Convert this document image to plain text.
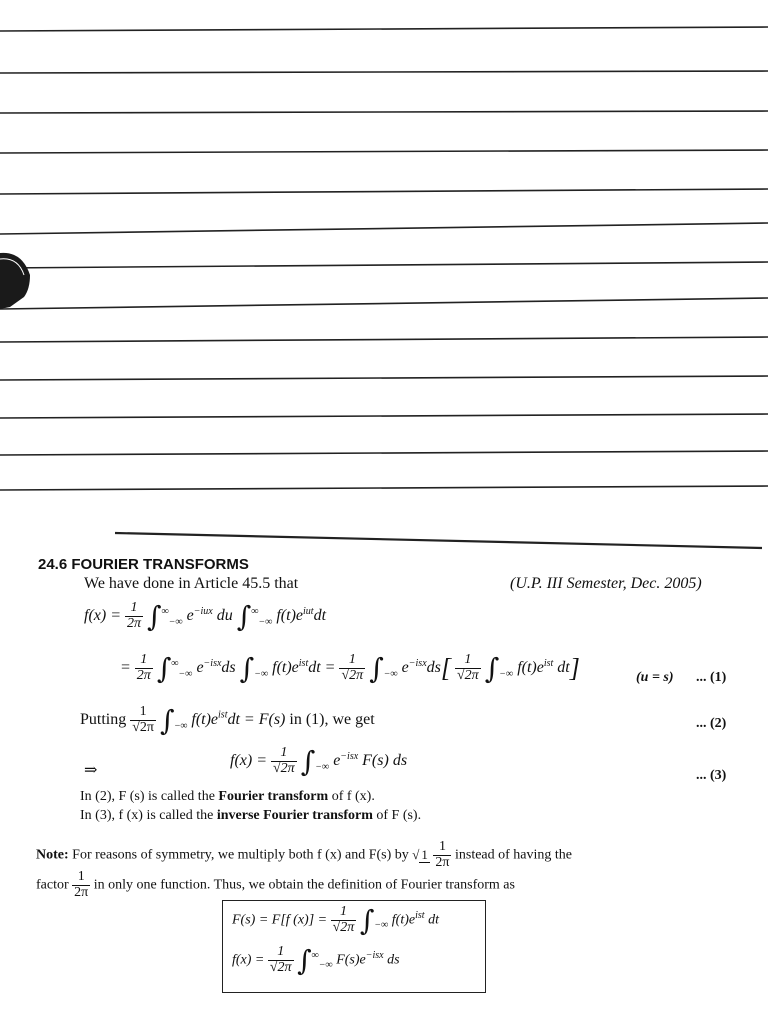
24.6 FOURIER TRANSFORMS
We have done in Article 45.5 that	(U.P. III Semester, Dec. 2005)
$f(x) = \frac{1}{2\pi} \int^\infty_{-\infty}$ $e^{-iux}$ du $\int^\infty_{-\infty}$ $f(t)e^{iut}dt$
= $\frac{1}{2\pi} \int^\infty_{-\infty}$ $e^{-isx}ds$ $\int_{-\infty}$ $f(t)e^{ist}dt = \frac{1}{√2\pi} \int_{-\infty}$ $e^{-isx}ds[ \frac{1}{√2\pi} \int_{-\infty}$ $f(t)e^{ist}$ dt]	(u = s) ... (1)
Putting $\frac{1}{√2\pi} \int_{-\infty}$ $f(t)e^{ist}dt = F(s)$ in (1), we get	... (2)
⇒
$f(x) = \frac{1}{√2\pi} \int_{-\infty}$ $e^{-isx}$ F(s) ds
... (3)
In (2), F (s) is called the Fourier transform of f (x).
In (3), f (x) is called the inverse Fourier transform of F (s).
Note: For reasons of symmetry, we multiply both f (x) and F(s) by √ $1 \frac{1}{2\pi}$ instead of having the
factor $\frac{1}{2\pi}$ in only one function. Thus, we obtain the definition of Fourier transform as
F(s) = F[f $(x)] = \frac{1}{√2\pi} \int_{-\infty}$ $f(t)e^{ist}$ dt
$f(x) = \frac{1}{√2\pi} \int^\infty_{-\infty}$ $F(s)e^{-isx}$ ds
